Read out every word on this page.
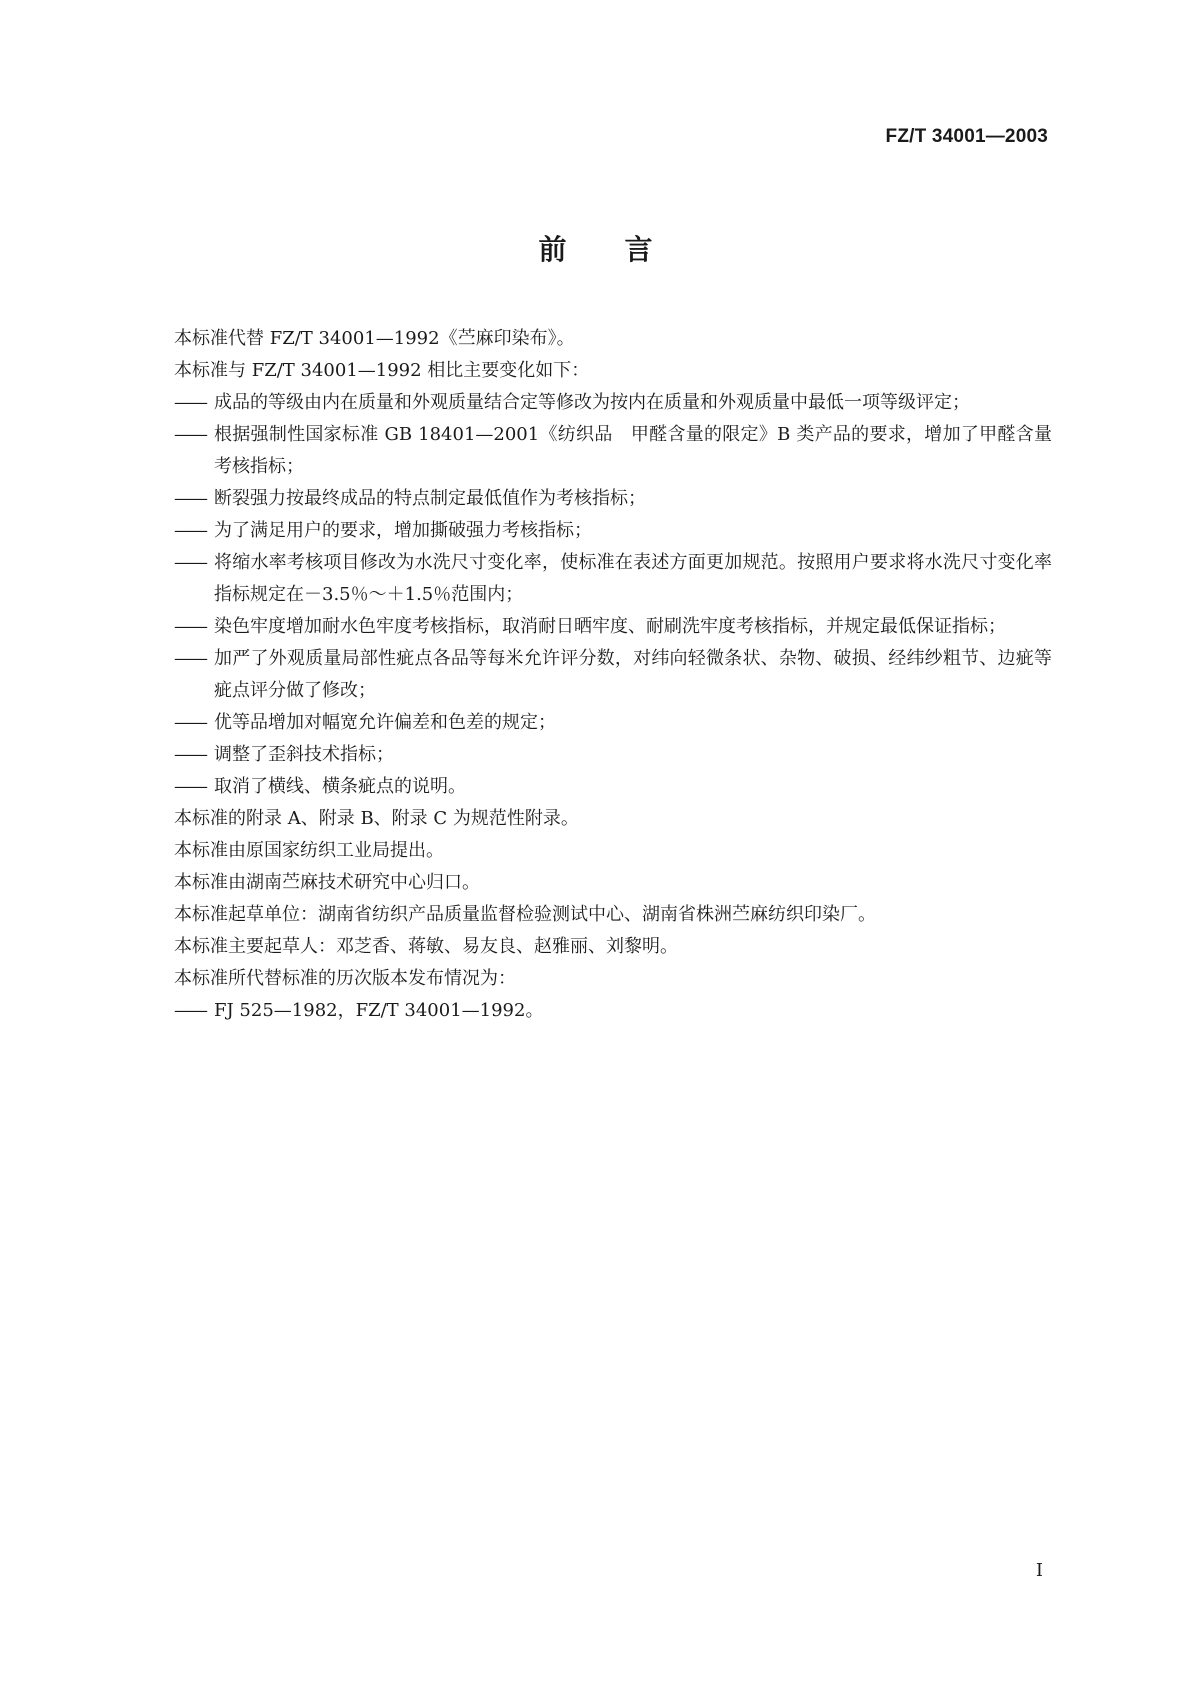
FZ/T 34001—2003
前言

本标准代替 FZ/T 34001—1992《苎麻印染布》。

本标准与 FZ/T 34001—1992 相比主要变化如下：

—— 成品的等级由内在质量和外观质量结合定等修改为按内在质量和外观质量中最低一项等级评定；
—— 根据强制性国家标准 GB 18401—2001《纺织品　甲醛含量的限定》B 类产品的要求，增加了甲醛含量考核指标；
—— 断裂强力按最终成品的特点制定最低值作为考核指标；
—— 为了满足用户的要求，增加撕破强力考核指标；
—— 将缩水率考核项目修改为水洗尺寸变化率，使标准在表述方面更加规范。按照用户要求将水洗尺寸变化率指标规定在－3.5％～＋1.5％范围内；
—— 染色牢度增加耐水色牢度考核指标，取消耐日晒牢度、耐刷洗牢度考核指标，并规定最低保证指标；
—— 加严了外观质量局部性疵点各品等每米允许评分数，对纬向轻微条状、杂物、破损、经纬纱粗节、边疵等疵点评分做了修改；
—— 优等品增加对幅宽允许偏差和色差的规定；
—— 调整了歪斜技术指标；
—— 取消了横线、横条疵点的说明。

本标准的附录 A、附录 B、附录 C 为规范性附录。

本标准由原国家纺织工业局提出。

本标准由湖南苎麻技术研究中心归口。

本标准起草单位：湖南省纺织产品质量监督检验测试中心、湖南省株洲苎麻纺织印染厂。

本标准主要起草人：邓芝香、蒋敏、易友良、赵雅丽、刘黎明。

本标准所代替标准的历次版本发布情况为：

—— FJ 525—1982，FZ/T 34001—1992。
I
